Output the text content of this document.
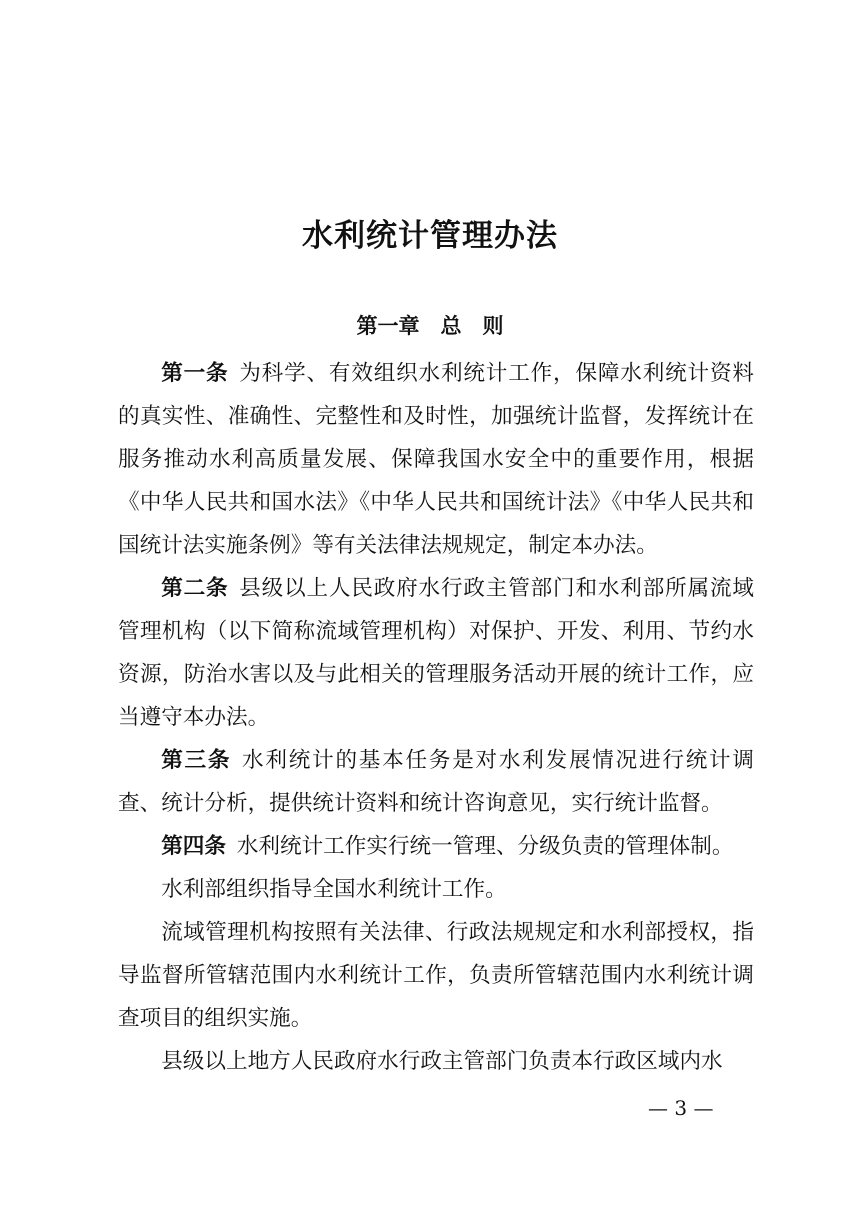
水利统计管理办法
第一章　总　则

第一条 为科学、有效组织水利统计工作，保障水利统计资料的真实性、准确性、完整性和及时性，加强统计监督，发挥统计在服务推动水利高质量发展、保障我国水安全中的重要作用，根据《中华人民共和国水法》《中华人民共和国统计法》《中华人民共和国统计法实施条例》等有关法律法规规定，制定本办法。

第二条 县级以上人民政府水行政主管部门和水利部所属流域管理机构（以下简称流域管理机构）对保护、开发、利用、节约水资源，防治水害以及与此相关的管理服务活动开展的统计工作，应当遵守本办法。

第三条 水利统计的基本任务是对水利发展情况进行统计调查、统计分析，提供统计资料和统计咨询意见，实行统计监督。

第四条 水利统计工作实行统一管理、分级负责的管理体制。

水利部组织指导全国水利统计工作。

流域管理机构按照有关法律、行政法规规定和水利部授权，指导监督所管辖范围内水利统计工作，负责所管辖范围内水利统计调查项目的组织实施。

县级以上地方人民政府水行政主管部门负责本行政区域内水

— 3 —
